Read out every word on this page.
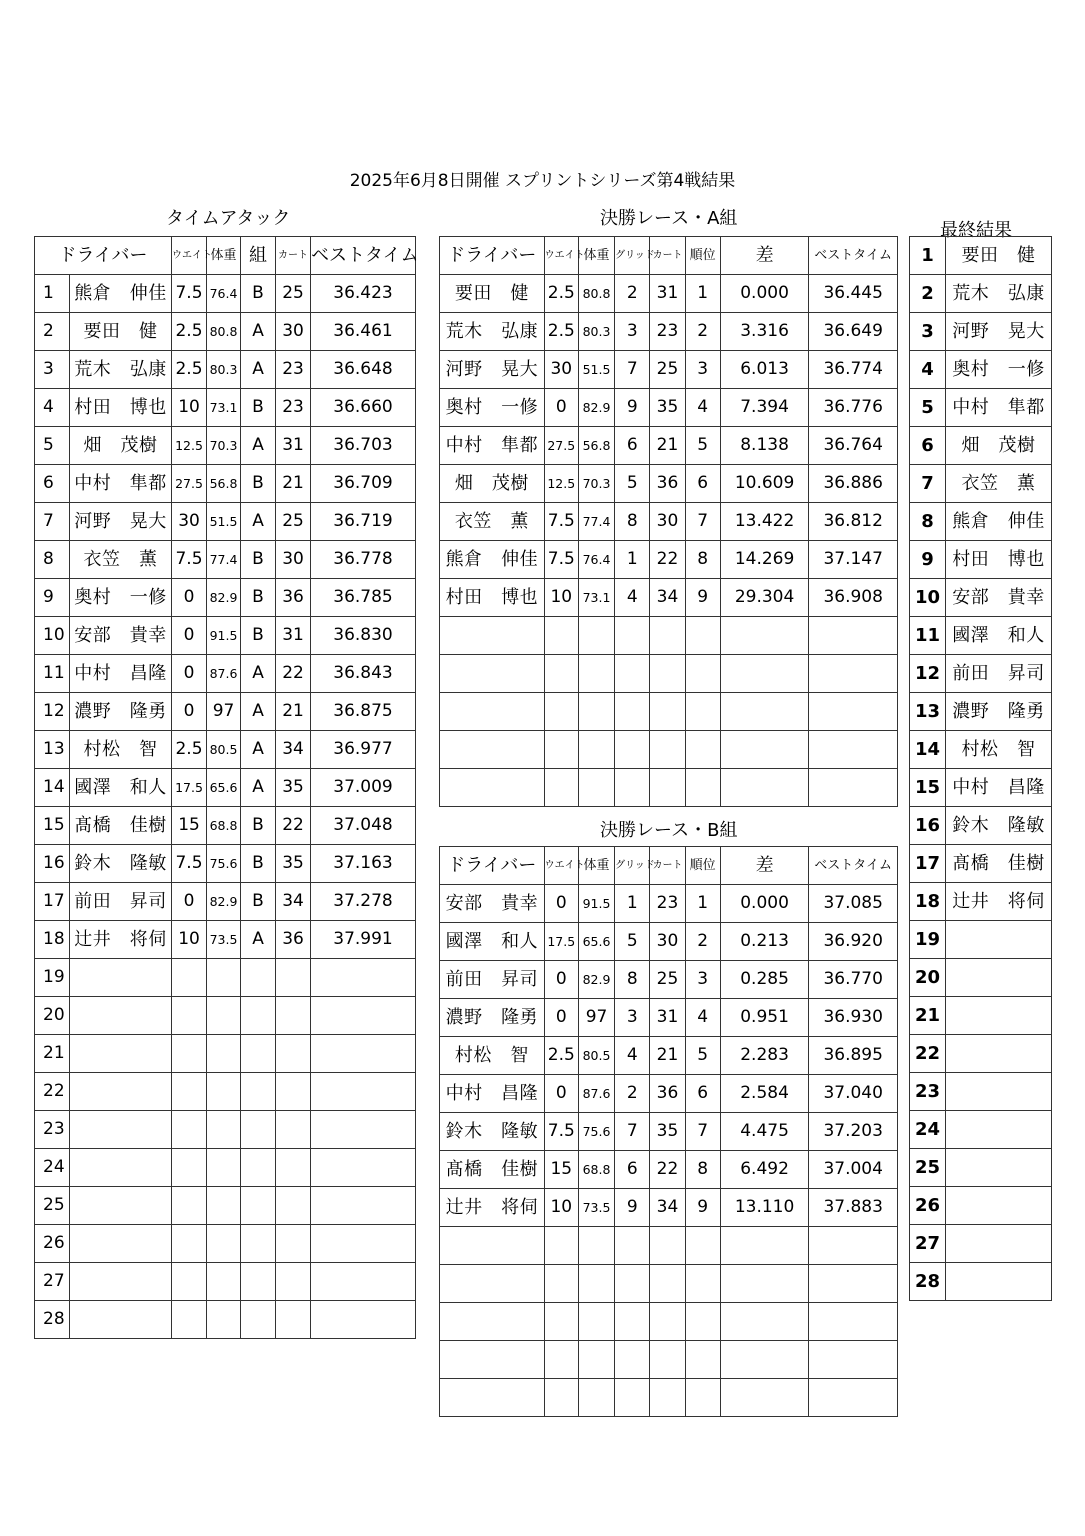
2025年6月8日開催 スプリントシリーズ第4戦結果
タイムアタック	決勝レース・A組
決勝レース・B組
最終結果
ドライバー		ウエイト	体重	組	カート	ベストタイム
1	熊倉　伸佳	7.5	76.4	B	25	36.423
2	要田　健	2.5	80.8	A	30	36.461
3	荒木　弘康	2.5	80.3	A	23	36.648
4	村田　博也	10	73.1	B	23	36.660
5	畑　茂樹	12.5	70.3	A	31	36.703
6	中村　隼都	27.5	56.8	B	21	36.709
7	河野　晃大	30	51.5	A	25	36.719
8	衣笠　薫	7.5	77.4	B	30	36.778
9	奥村　一修	0	82.9	B	36	36.785
10	安部　貴幸	0	91.5	B	31	36.830
11	中村　昌隆	0	87.6	A	22	36.843
12	濃野　隆勇	0	97	A	21	36.875
13	村松　智	2.5	80.5	A	34	36.977
14	國澤　和人	17.5	65.6	A	35	37.009
15	髙橋　佳樹	15	68.8	B	22	37.048
16	鈴木　隆敏	7.5	75.6	B	35	37.163
17	前田　昇司	0	82.9	B	34	37.278
18	辻井　将伺	10	73.5	A	36	37.991
19						
20						
21						
22						
23						
24						
25						
26						
27						
28						
ドライバー	ウエイト	体重	グリッド	カート	順位	差	ベストタイム
要田　健	2.5	80.8	2	31	1	0.000	36.445
荒木　弘康	2.5	80.3	3	23	2	3.316	36.649
河野　晃大	30	51.5	7	25	3	6.013	36.774
奥村　一修	0	82.9	9	35	4	7.394	36.776
中村　隼都	27.5	56.8	6	21	5	8.138	36.764
畑　茂樹	12.5	70.3	5	36	6	10.609	36.886
衣笠　薫	7.5	77.4	8	30	7	13.422	36.812
熊倉　伸佳	7.5	76.4	1	22	8	14.269	37.147
村田　博也	10	73.1	4	34	9	29.304	36.908

ドライバー	ウエイト	体重	グリッド	カート	順位	差	ベストタイム
安部　貴幸	0	91.5	1	23	1	0.000	37.085
國澤　和人	17.5	65.6	5	30	2	0.213	36.920
前田　昇司	0	82.9	8	25	3	0.285	36.770
濃野　隆勇	0	97	3	31	4	0.951	36.930
村松　智	2.5	80.5	4	21	5	2.283	36.895
中村　昌隆	0	87.6	2	36	6	2.584	37.040
鈴木　隆敏	7.5	75.6	7	35	7	4.475	37.203
髙橋　佳樹	15	68.8	6	22	8	6.492	37.004
辻井　将伺	10	73.5	9	34	9	13.110	37.883

1	要田　健
2	荒木　弘康
3	河野　晃大
4	奥村　一修
5	中村　隼都
6	畑　茂樹
7	衣笠　薫
8	熊倉　伸佳
9	村田　博也
10	安部　貴幸
11	國澤　和人
12	前田　昇司
13	濃野　隆勇
14	村松　智
15	中村　昌隆
16	鈴木　隆敏
17	髙橋　佳樹
18	辻井　将伺
19	
20	
21	
22	
23	
24	
25	
26	
27	
28	
